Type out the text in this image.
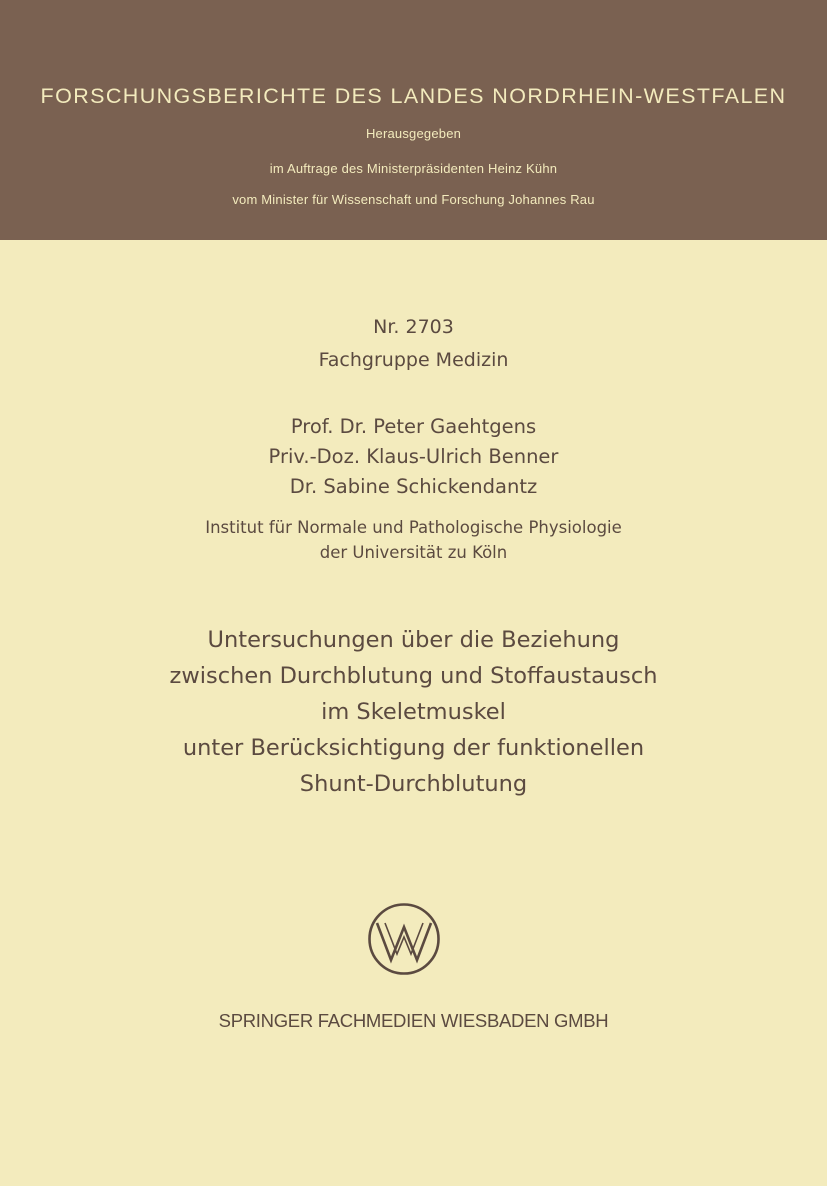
FORSCHUNGSBERICHTE DES LANDES NORDRHEIN-WESTFALEN
Herausgegeben
im Auftrage des Ministerpräsidenten Heinz Kühn
vom Minister für Wissenschaft und Forschung Johannes Rau
Nr. 2703
Fachgruppe Medizin
Prof. Dr. Peter Gaehtgens
Priv.-Doz. Klaus-Ulrich Benner
Dr. Sabine Schickendantz
Institut für Normale und Pathologische Physiologie
der Universität zu Köln
Untersuchungen über die Beziehung
zwischen Durchblutung und Stoffaustausch
im Skeletmuskel
unter Berücksichtigung der funktionellen
Shunt-Durchblutung
SPRINGER FACHMEDIEN WIESBADEN GMBH
